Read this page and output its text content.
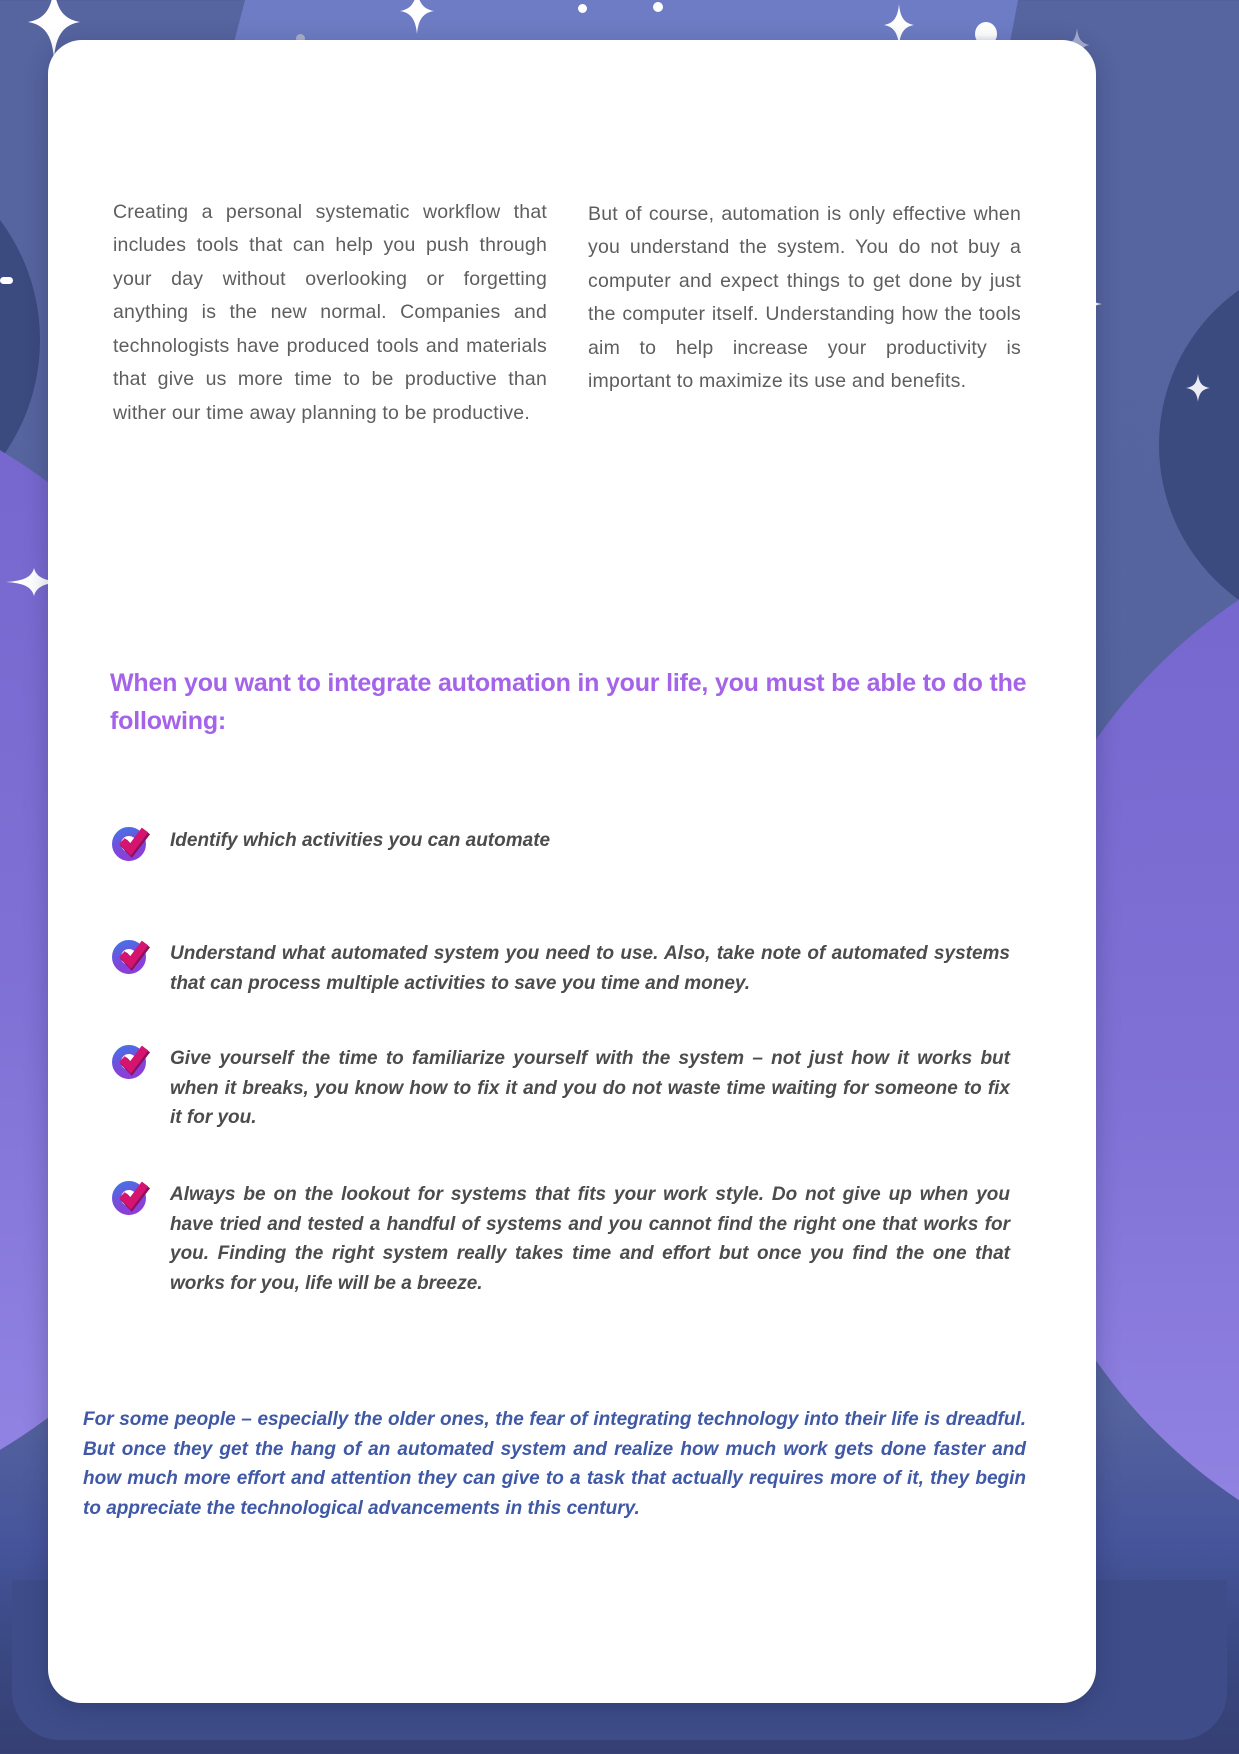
Creating a personal systematic workflow that includes tools that can help you push through your day without overlooking or forgetting anything is the new normal. Companies and technologists have produced tools and materials that give us more time to be productive than wither our time away planning to be productive.

But of course, automation is only effective when you understand the system. You do not buy a computer and expect things to get done by just the computer itself. Understanding how the tools aim to help increase your productivity is important to maximize its use and benefits.

When you want to integrate automation in your life, you must be able to do the following:

Identify which activities you can automate

Understand what automated system you need to use. Also, take note of automated systems that can process multiple activities to save you time and money.

Give yourself the time to familiarize yourself with the system – not just how it works but when it breaks, you know how to fix it and you do not waste time waiting for someone to fix it for you.

Always be on the lookout for systems that fits your work style. Do not give up when you have tried and tested a handful of systems and you cannot find the right one that works for you. Finding the right system really takes time and effort but once you find the one that works for you, life will be a breeze.

For some people – especially the older ones, the fear of integrating technology into their life is dreadful. But once they get the hang of an automated system and realize how much work gets done faster and how much more effort and attention they can give to a task that actually requires more of it, they begin to appreciate the technological advancements in this century.
